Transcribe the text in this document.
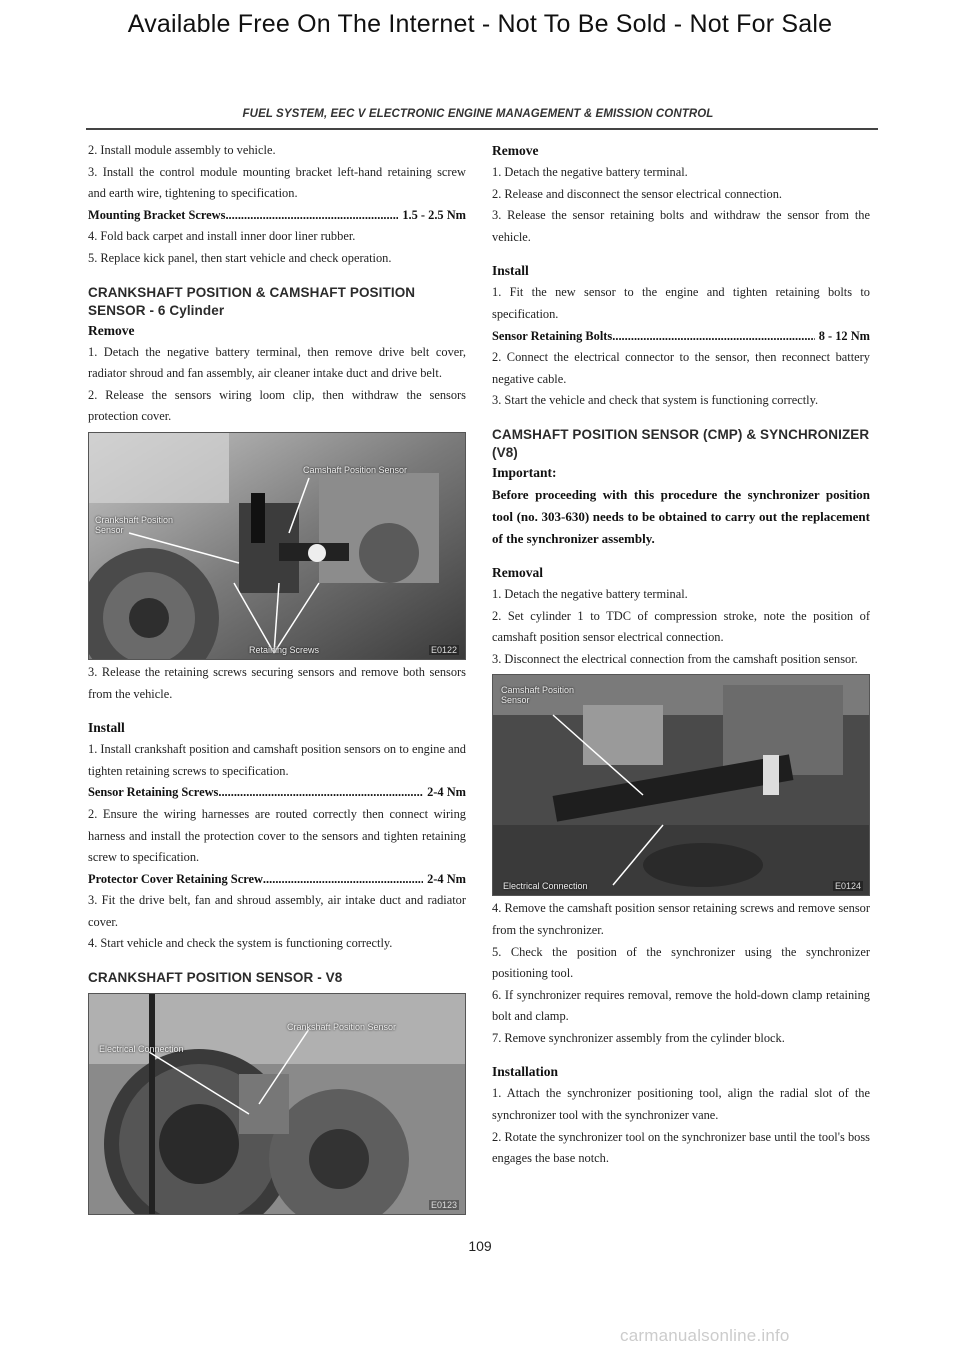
Available Free On The Internet - Not To Be Sold - Not For Sale
FUEL SYSTEM, EEC V ELECTRONIC ENGINE MANAGEMENT & EMISSION CONTROL
2. Install module assembly to vehicle.
3. Install the control module mounting bracket left-hand retaining screw and earth wire, tightening to specification.
Mounting Bracket Screws .....	1.5 - 2.5 Nm
4. Fold back carpet and install inner door liner rubber.
5. Replace kick panel, then start vehicle and check operation.
CRANKSHAFT POSITION & CAMSHAFT POSITION SENSOR - 6 Cylinder
Remove
1. Detach the negative battery terminal, then remove drive belt cover, radiator shroud and fan assembly, air cleaner intake duct and drive belt.
2. Release the sensors wiring loom clip, then withdraw the sensors protection cover.
Camshaft Position Sensor
Crankshaft Position Sensor
Retaining Screws	E0122
3. Release the retaining screws securing sensors and remove both sensors from the vehicle.
Install
1. Install crankshaft position and camshaft position sensors on to engine and tighten retaining screws to specification.
Sensor Retaining Screws .....	2-4 Nm
2. Ensure the wiring harnesses are routed correctly then connect wiring harness and install the protection cover to the sensors and tighten retaining screw to specification.
Protector Cover Retaining Screw .....	2-4 Nm
3. Fit the drive belt, fan and shroud assembly, air intake duct and radiator cover.
4. Start vehicle and check the system is functioning correctly.
CRANKSHAFT POSITION SENSOR - V8
Crankshaft Position Sensor
Electrical Connection
E0123
Remove
1. Detach the negative battery terminal.
2. Release and disconnect the sensor electrical connection.
3. Release the sensor retaining bolts and withdraw the sensor from the vehicle.
Install
1. Fit the new sensor to the engine and tighten retaining bolts to specification.
Sensor Retaining Bolts .....	8 - 12 Nm
2. Connect the electrical connector to the sensor, then reconnect battery negative cable.
3. Start the vehicle and check that system is functioning correctly.
CAMSHAFT POSITION SENSOR (CMP) & SYNCHRONIZER (V8)
Important:
Before proceeding with this procedure the synchronizer position tool (no. 303-630) needs to be obtained to carry out the replacement of the synchronizer assembly.
Removal
1. Detach the negative battery terminal.
2. Set cylinder 1 to TDC of compression stroke, note the position of camshaft position sensor electrical connection.
3. Disconnect the electrical connection from the camshaft position sensor.
Camshaft Position Sensor
Electrical Connection	E0124
4. Remove the camshaft position sensor retaining screws and remove sensor from the synchronizer.
5. Check the position of the synchronizer using the synchronizer positioning tool.
6. If synchronizer requires removal, remove the hold-down clamp retaining bolt and clamp.
7. Remove synchronizer assembly from the cylinder block.
Installation
1. Attach the synchronizer positioning tool, align the radial slot of the synchronizer tool with the synchronizer vane.
2. Rotate the synchronizer tool on the synchronizer base until the tool's boss engages the base notch.
109
carmanualsonline.info
